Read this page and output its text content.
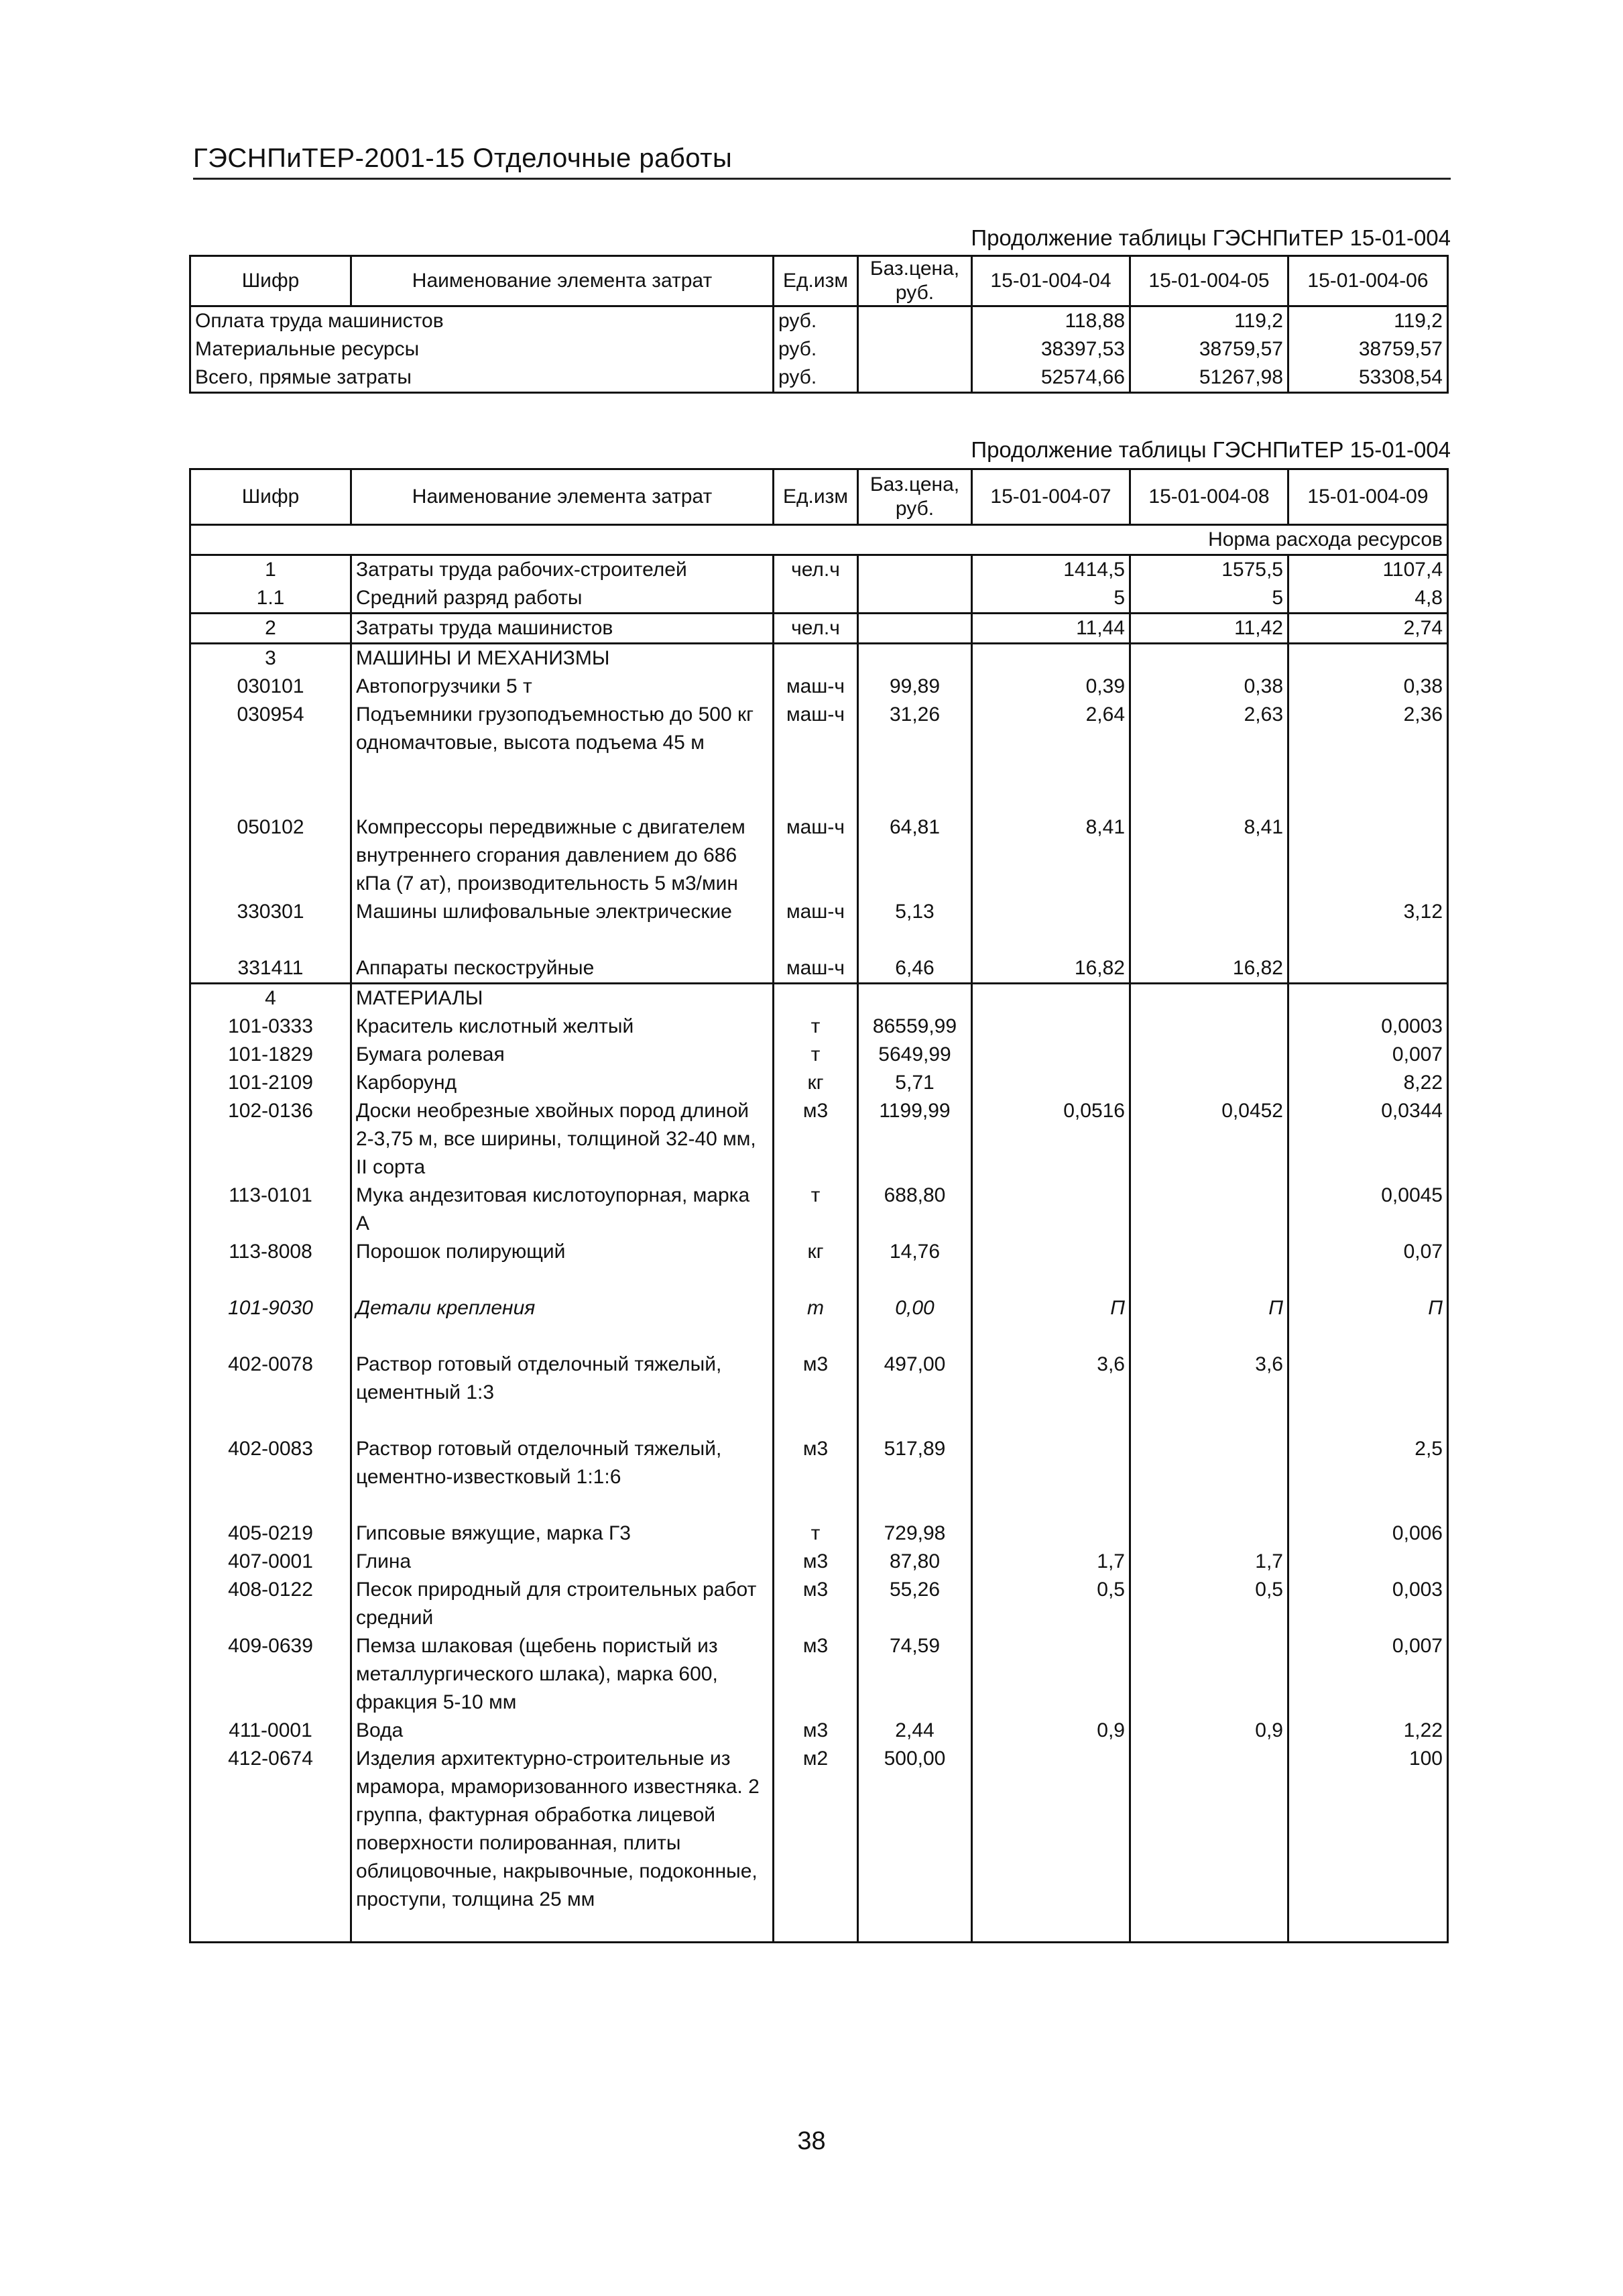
ГЭСНПиТЕР-2001-15 Отделочные работы
Продолжение таблицы ГЭСНПиТЕР 15-01-004
Шифр	Наименование элемента затрат	Ед.изм	Баз.цена, руб.	15-01-004-04	15-01-004-05	15-01-004-06
Оплата труда машинистов		руб.		118,88	119,2	119,2
Материальные ресурсы		руб.		38397,53	38759,57	38759,57
Всего, прямые затраты		руб.		52574,66	51267,98	53308,54
Продолжение таблицы ГЭСНПиТЕР 15-01-004
Шифр	Наименование элемента затрат	Ед.изм	Баз.цена, руб.	15-01-004-07	15-01-004-08	15-01-004-09
Норма расхода ресурсов						
1	Затраты труда рабочих-строителей	чел.ч		1414,5	1575,5	1107,4
1.1	Средний разряд работы			5	5	4,8
2	Затраты труда машинистов	чел.ч		11,44	11,42	2,74
3	МАШИНЫ И МЕХАНИЗМЫ					
030101	Автопогрузчики 5 т	маш-ч	99,89	0,39	0,38	0,38
030954	Подъемники грузоподъемностью до 500 кг одномачтовые, высота подъема 45 м	маш-ч	31,26	2,64	2,63	2,36

050102	Компрессоры передвижные с двигателем внутреннего сгорания давлением до 686 кПа (7 ат), производительность 5 м3/мин	маш-ч	64,81	8,41	8,41	
330301	Машины шлифовальные электрические	маш-ч	5,13			3,12

331411	Аппараты пескоструйные	маш-ч	6,46	16,82	16,82	
4	МАТЕРИАЛЫ					
101-0333	Краситель кислотный желтый	т	86559,99			0,0003
101-1829	Бумага ролевая	т	5649,99			0,007
101-2109	Карборунд	кг	5,71			8,22
102-0136	Доски необрезные хвойных пород длиной 2-3,75 м, все ширины, толщиной 32-40 мм, II сорта	м3	1199,99	0,0516	0,0452	0,0344
113-0101	Мука андезитовая кислотоупорная, марка А	т	688,80			0,0045
113-8008	Порошок полирующий	кг	14,76			0,07

101-9030	Детали крепления	т	0,00	П	П	П

402-0078	Раствор готовый отделочный тяжелый, цементный 1:3	м3	497,00	3,6	3,6	

402-0083	Раствор готовый отделочный тяжелый, цементно-известковый 1:1:6	м3	517,89			2,5

405-0219	Гипсовые вяжущие, марка Г3	т	729,98			0,006
407-0001	Глина	м3	87,80	1,7	1,7	
408-0122	Песок природный для строительных работ средний	м3	55,26	0,5	0,5	0,003
409-0639	Пемза шлаковая (щебень пористый из металлургического шлака), марка 600, фракция 5-10 мм	м3	74,59			0,007
411-0001	Вода	м3	2,44	0,9	0,9	1,22
412-0674	Изделия архитектурно-строительные из мрамора, мраморизованного известняка. 2 группа, фактурная обработка лицевой поверхности полированная, плиты облицовочные, накрывочные, подоконные, проступи, толщина 25 мм	м2	500,00			100

38
